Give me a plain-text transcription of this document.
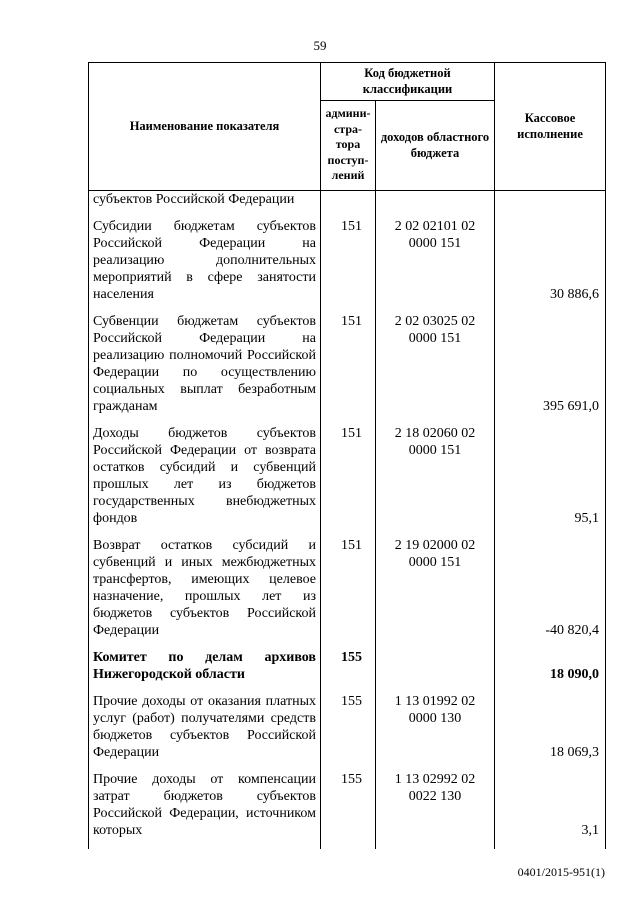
59
Наименование показателя	Код бюджетной классификации		Кассовое исполнение
	админи-стра-тора поступ-лений	доходов областного бюджета	
субъектов Российской Федерации			
Субсидии бюджетам субъектов Российской Федерации на реализацию дополнительных мероприятий в сфере занятости населения	151	2 02 02101 02 0000 151	30 886,6
Субвенции бюджетам субъектов Российской Федерации на реализацию полномочий Российской Федерации по осуществлению социальных выплат безработным гражданам	151	2 02 03025 02 0000 151	395 691,0
Доходы бюджетов субъектов Российской Федерации от возврата остатков субсидий и субвенций прошлых лет из бюджетов государственных внебюджетных фондов	151	2 18 02060 02 0000 151	95,1
Возврат остатков субсидий и субвенций и иных межбюджетных трансфертов, имеющих целевое назначение, прошлых лет из бюджетов субъектов Российской Федерации	151	2 19 02000 02 0000 151	-40 820,4
Комитет по делам архивов Нижегородской области	155		18 090,0
Прочие доходы от оказания платных услуг (работ) получателями средств бюджетов субъектов Российской Федерации	155	1 13 01992 02 0000 130	18 069,3
Прочие доходы от компенсации затрат бюджетов субъектов Российской Федерации, источником которых	155	1 13 02992 02 0022 130	3,1
0401/2015-951(1)
